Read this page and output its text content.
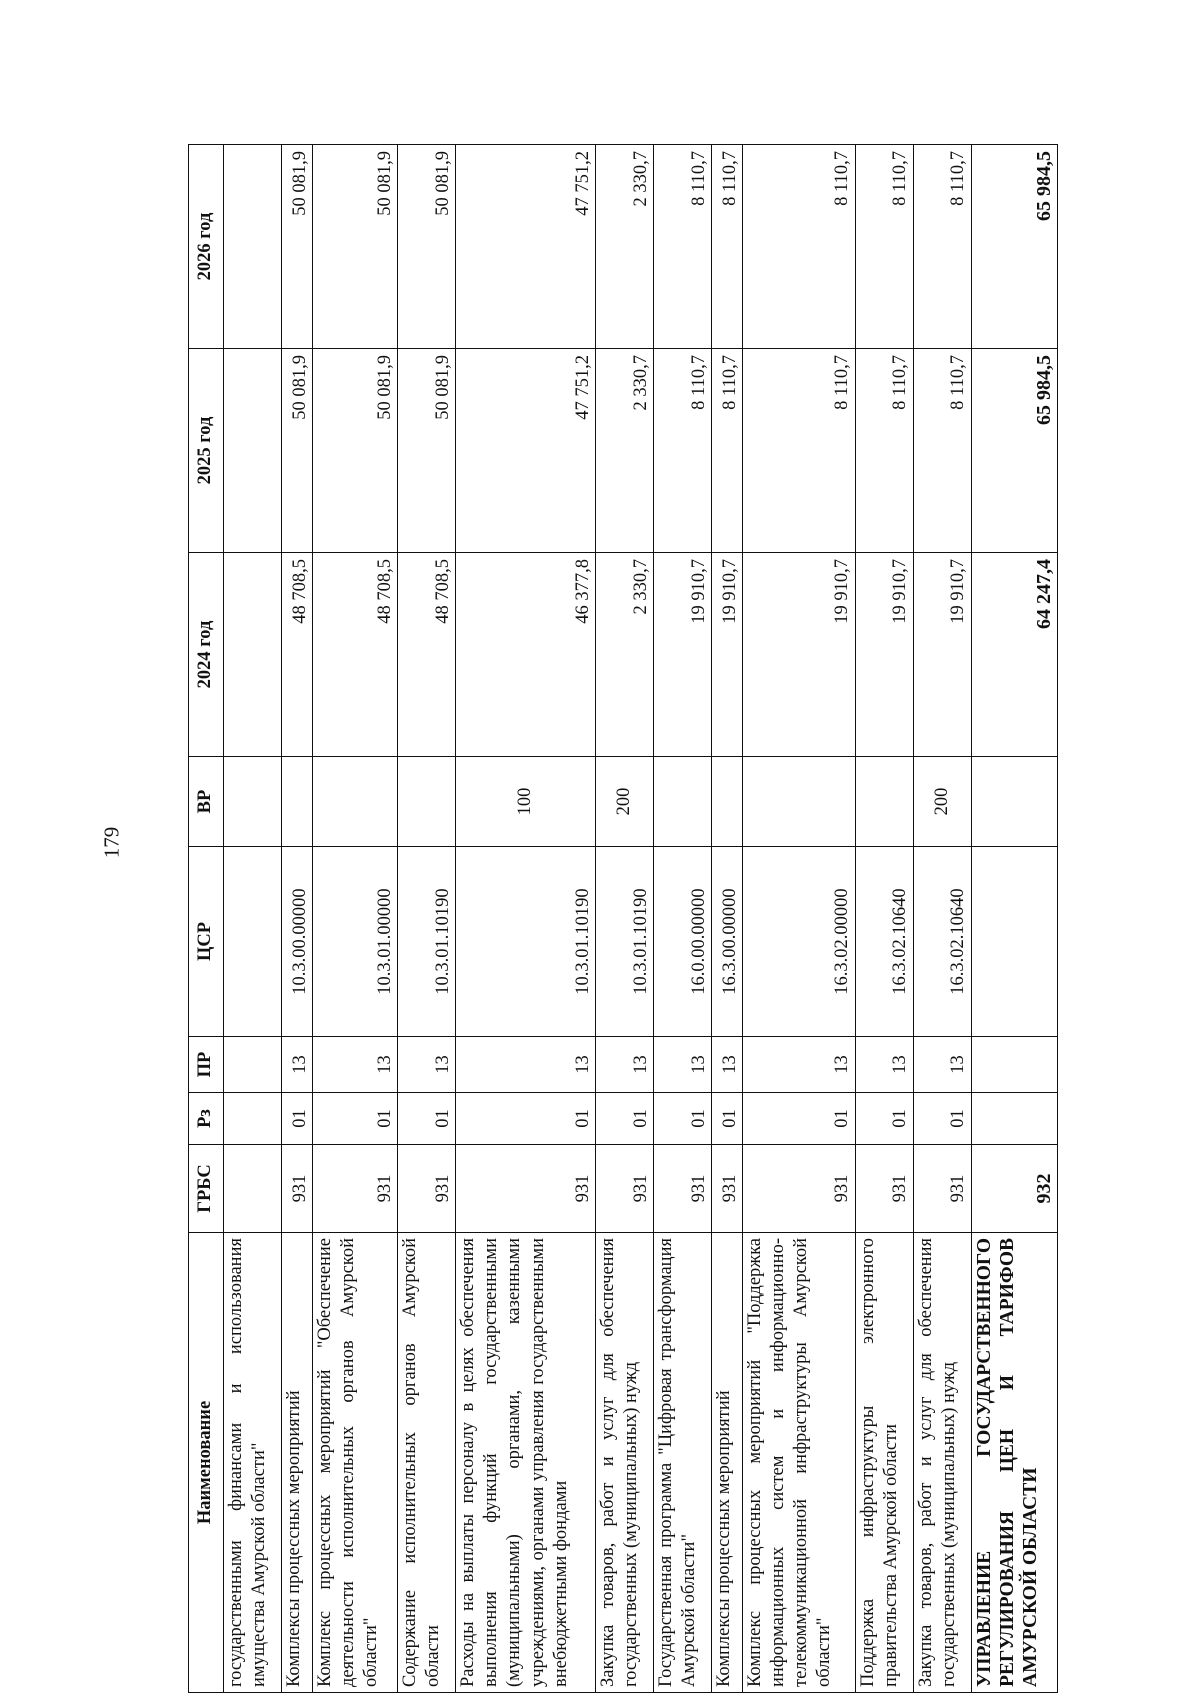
179
Наименование	ГРБС	Рз	ПР	ЦСР	ВР	2024 год	2025 год	2026 год
государственными финансами и использования имущества Амурской области"								
Комплексы процессных мероприятий	931	01	13	10.3.00.00000		48 708,5	50 081,9	50 081,9
Комплекс процессных мероприятий "Обеспечение деятельности исполнительных органов Амурской области"	931	01	13	10.3.01.00000		48 708,5	50 081,9	50 081,9
Содержание исполнительных органов Амурской области	931	01	13	10.3.01.10190		48 708,5	50 081,9	50 081,9
Расходы на выплаты персоналу в целях обеспечения выполнения функций государственными (муниципальными) органами, казенными учреждениями, органами управления государственными внебюджетными фондами	931	01	13	10.3.01.10190	100	46 377,8	47 751,2	47 751,2
Закупка товаров, работ и услуг для обеспечения государственных (муниципальных) нужд	931	01	13	10.3.01.10190	200	2 330,7	2 330,7	2 330,7
Государственная программа "Цифровая трансформация Амурской области"	931	01	13	16.0.00.00000		19 910,7	8 110,7	8 110,7
Комплексы процессных мероприятий	931	01	13	16.3.00.00000		19 910,7	8 110,7	8 110,7
Комплекс процессных мероприятий "Поддержка информационных систем и информационно-телекоммуникационной инфраструктуры Амурской области"	931	01	13	16.3.02.00000		19 910,7	8 110,7	8 110,7
Поддержка инфраструктуры электронного правительства Амурской области	931	01	13	16.3.02.10640		19 910,7	8 110,7	8 110,7
Закупка товаров, работ и услуг для обеспечения государственных (муниципальных) нужд	931	01	13	16.3.02.10640	200	19 910,7	8 110,7	8 110,7
УПРАВЛЕНИЕ ГОСУДАРСТВЕННОГО РЕГУЛИРОВАНИЯ ЦЕН И ТАРИФОВ АМУРСКОЙ ОБЛАСТИ	932					64 247,4	65 984,5	65 984,5
